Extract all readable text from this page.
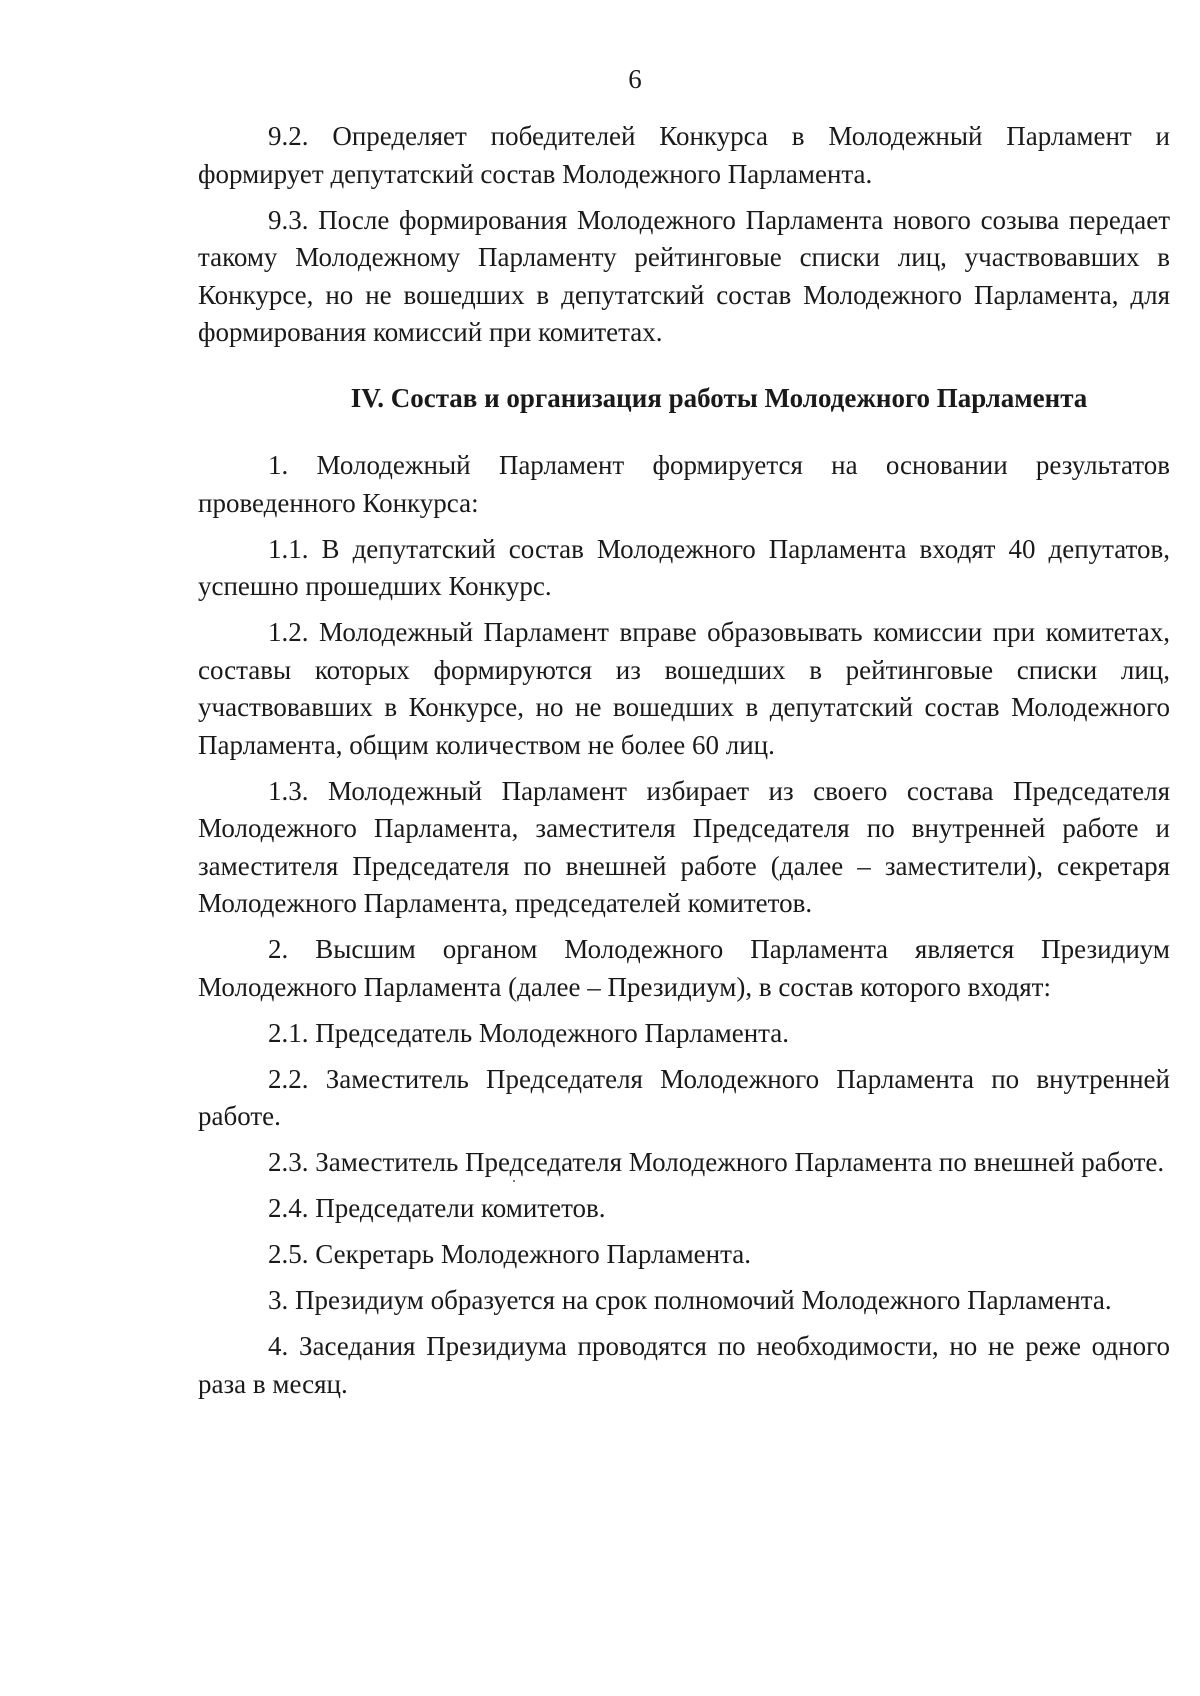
6

9.2. Определяет победителей Конкурса в Молодежный Парламент и формирует депутатский состав Молодежного Парламента.

9.3. После формирования Молодежного Парламента нового созыва передает такому Молодежному Парламенту рейтинговые списки лиц, участвовавших в Конкурсе, но не вошедших в депутатский состав Молодежного Парламента, для формирования комиссий при комитетах.

IV. Состав и организация работы Молодежного Парламента

1. Молодежный Парламент формируется на основании результатов проведенного Конкурса:

1.1. В депутатский состав Молодежного Парламента входят 40 депутатов, успешно прошедших Конкурс.

1.2. Молодежный Парламент вправе образовывать комиссии при комитетах, составы которых формируются из вошедших в рейтинговые списки лиц, участвовавших в Конкурсе, но не вошедших в депутатский состав Молодежного Парламента, общим количеством не более 60 лиц.

1.3. Молодежный Парламент избирает из своего состава Председателя Молодежного Парламента, заместителя Председателя по внутренней работе и заместителя Председателя по внешней работе (далее – заместители), секретаря Молодежного Парламента, председателей комитетов.

2. Высшим органом Молодежного Парламента является Президиум Молодежного Парламента (далее – Президиум), в состав которого входят:

2.1. Председатель Молодежного Парламента.

2.2. Заместитель Председателя Молодежного Парламента по внутренней работе.

2.3. Заместитель Председателя Молодежного Парламента по внешней работе.

2.4. Председатели комитетов.

2.5. Секретарь Молодежного Парламента.

3. Президиум образуется на срок полномочий Молодежного Парламента.

4. Заседания Президиума проводятся по необходимости, но не реже одного раза в месяц.
